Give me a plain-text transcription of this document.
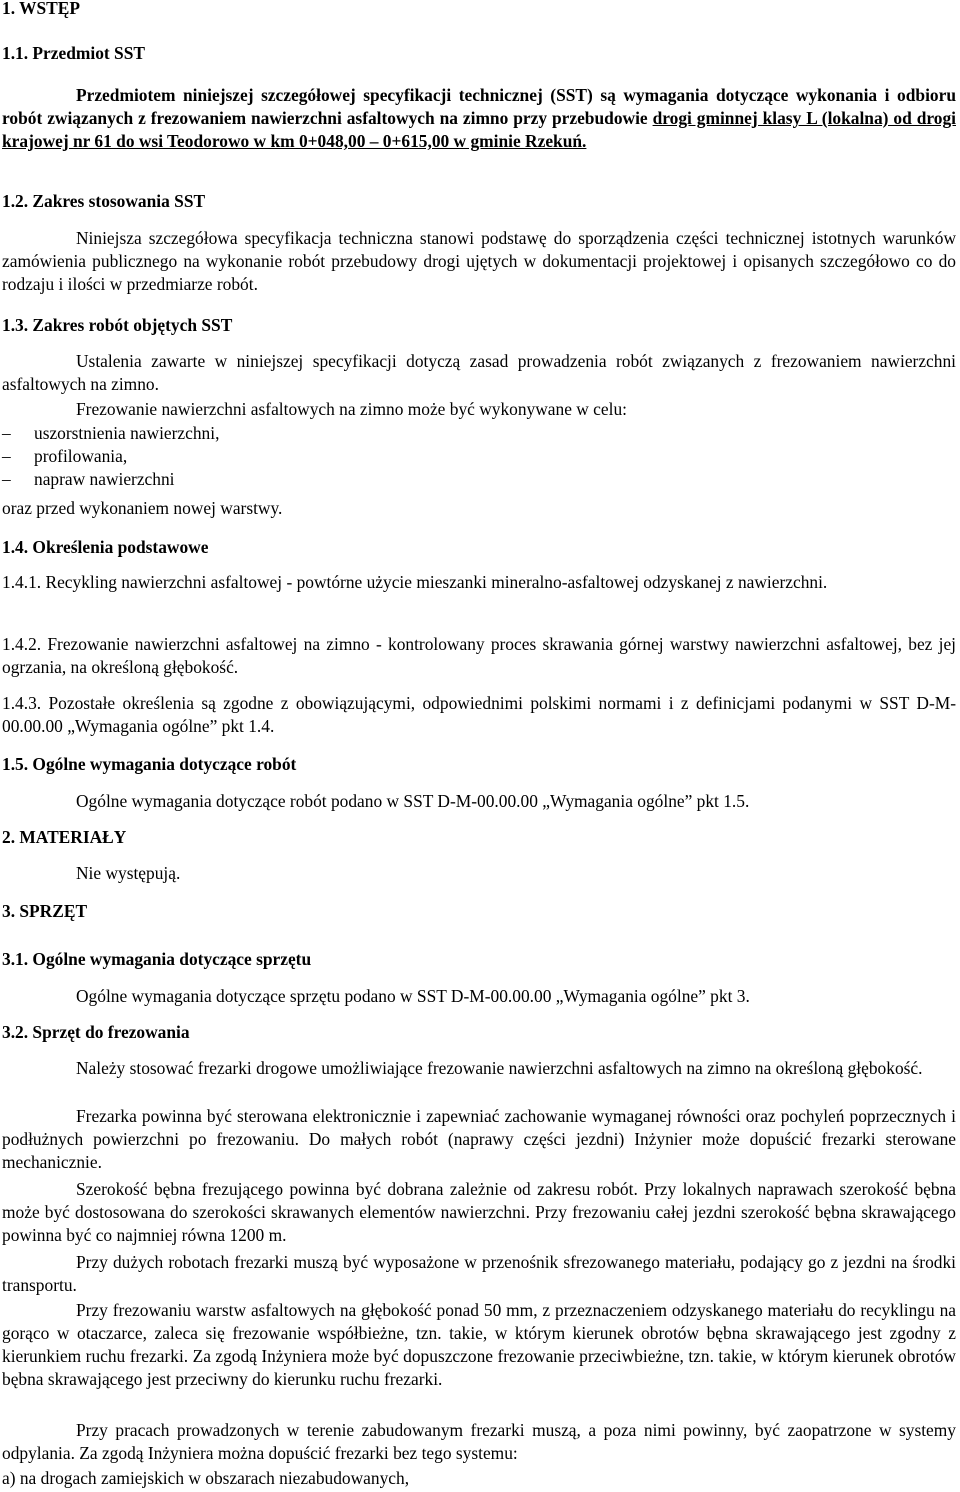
1. WSTĘP
1.1. Przedmiot SST
Przedmiotem niniejszej szczegółowej specyfikacji technicznej (SST) są wymagania dotyczące wykonania i odbioru robót związanych z frezowaniem nawierzchni asfaltowych na zimno przy przebudowie drogi gminnej klasy L (lokalna) od drogi krajowej nr 61 do wsi Teodorowo w km 0+048,00 – 0+615,00 w gminie Rzekuń.
1.2. Zakres stosowania SST
Niniejsza szczegółowa specyfikacja techniczna stanowi podstawę do sporządzenia części technicznej istotnych warunków zamówienia publicznego na wykonanie robót przebudowy drogi ujętych w dokumentacji projektowej i opisanych szczegółowo co do rodzaju i ilości w przedmiarze robót.
1.3. Zakres robót objętych SST
Ustalenia zawarte w niniejszej specyfikacji dotyczą zasad prowadzenia robót związanych z frezowaniem nawierzchni asfaltowych na zimno.
Frezowanie nawierzchni asfaltowych na zimno może być wykonywane w celu:
– uszorstnienia nawierzchni,
– profilowania,
– napraw nawierzchni
oraz przed wykonaniem nowej warstwy.
1.4. Określenia podstawowe
1.4.1. Recykling nawierzchni asfaltowej - powtórne użycie mieszanki mineralno-asfaltowej odzyskanej z nawierzchni.
1.4.2. Frezowanie nawierzchni asfaltowej na zimno - kontrolowany proces skrawania górnej warstwy nawierzchni asfaltowej, bez jej ogrzania, na określoną głębokość.
1.4.3. Pozostałe określenia są zgodne z obowiązującymi, odpowiednimi polskimi normami i z definicjami podanymi w SST D-M-00.00.00 „Wymagania ogólne” pkt 1.4.
1.5. Ogólne wymagania dotyczące robót
Ogólne wymagania dotyczące robót podano w SST D-M-00.00.00 „Wymagania ogólne” pkt 1.5.
2. MATERIAŁY
Nie występują.
3. SPRZĘT
3.1. Ogólne wymagania dotyczące sprzętu
Ogólne wymagania dotyczące sprzętu podano w SST D-M-00.00.00 „Wymagania ogólne” pkt 3.
3.2. Sprzęt do frezowania
Należy stosować frezarki drogowe umożliwiające frezowanie nawierzchni asfaltowych na zimno na określoną głębokość.
Frezarka powinna być sterowana elektronicznie i zapewniać zachowanie wymaganej równości oraz pochyleń poprzecznych i podłużnych powierzchni po frezowaniu. Do małych robót (naprawy części jezdni) Inżynier może dopuścić frezarki sterowane mechanicznie.
Szerokość bębna frezującego powinna być dobrana zależnie od zakresu robót. Przy lokalnych naprawach szerokość bębna może być dostosowana do szerokości skrawanych elementów nawierzchni. Przy frezowaniu całej jezdni szerokość bębna skrawającego powinna być co najmniej równa 1200 m.
Przy dużych robotach frezarki muszą być wyposażone w przenośnik sfrezowanego materiału, podający go z jezdni na środki transportu.
Przy frezowaniu warstw asfaltowych na głębokość ponad 50 mm, z przeznaczeniem odzyskanego materiału do recyklingu na gorąco w otaczarce, zaleca się frezowanie współbieżne, tzn. takie, w którym kierunek obrotów bębna skrawającego jest zgodny z kierunkiem ruchu frezarki. Za zgodą Inżyniera może być dopuszczone frezowanie przeciwbieżne, tzn. takie, w którym kierunek obrotów bębna skrawającego jest przeciwny do kierunku ruchu frezarki.
Przy pracach prowadzonych w terenie zabudowanym frezarki muszą, a poza nimi powinny, być zaopatrzone w systemy odpylania. Za zgodą Inżyniera można dopuścić frezarki bez tego systemu:
a) na drogach zamiejskich w obszarach niezabudowanych,
